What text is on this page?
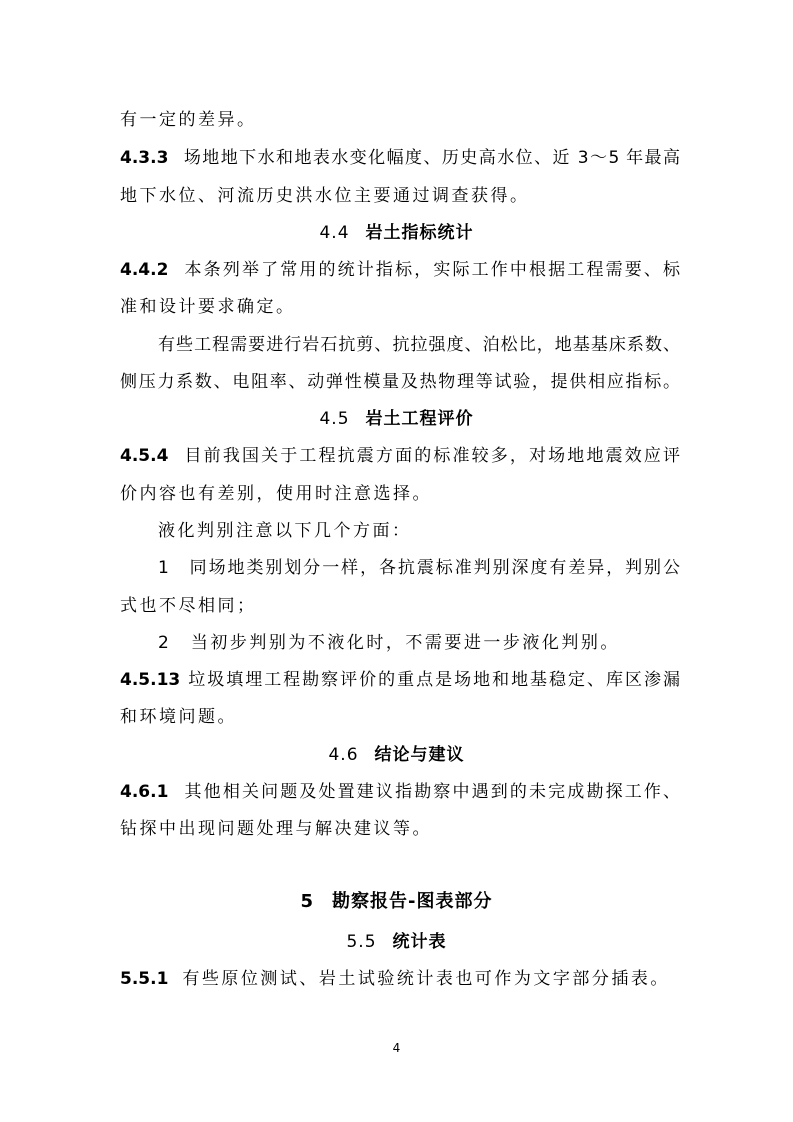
有一定的差异。
4.3.3 场地地下水和地表水变化幅度、历史高水位、近 3～5 年最高
地下水位、河流历史洪水位主要通过调查获得。
4.4 岩土指标统计
4.4.2 本条列举了常用的统计指标，实际工作中根据工程需要、标
准和设计要求确定。
有些工程需要进行岩石抗剪、抗拉强度、泊松比，地基基床系数、
侧压力系数、电阻率、动弹性模量及热物理等试验，提供相应指标。
4.5 岩土工程评价
4.5.4 目前我国关于工程抗震方面的标准较多，对场地地震效应评
价内容也有差别，使用时注意选择。
液化判别注意以下几个方面：
1　同场地类别划分一样，各抗震标准判别深度有差异，判别公
式也不尽相同；
2　当初步判别为不液化时，不需要进一步液化判别。
4.5.13 垃圾填埋工程勘察评价的重点是场地和地基稳定、库区渗漏
和环境问题。
4.6 结论与建议
4.6.1 其他相关问题及处置建议指勘察中遇到的未完成勘探工作、
钻探中出现问题处理与解决建议等。
5 勘察报告-图表部分
5.5 统计表
5.5.1 有些原位测试、岩土试验统计表也可作为文字部分插表。
4
